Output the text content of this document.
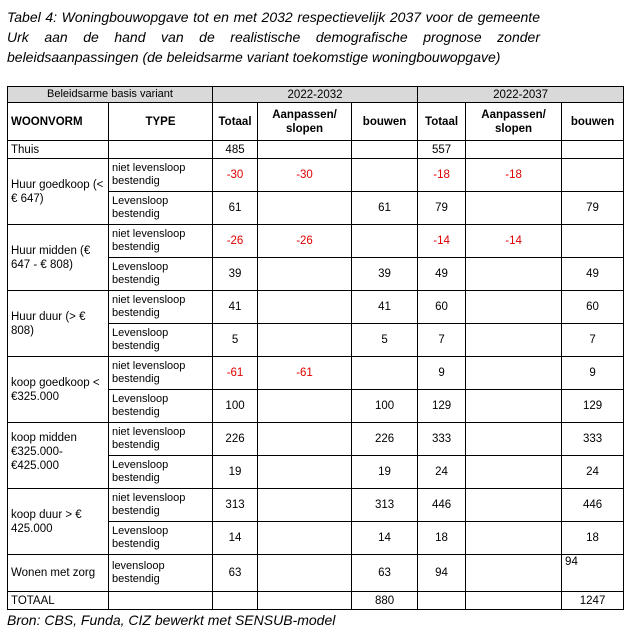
Tabel 4: Woningbouwopgave tot en met 2032 respectievelijk 2037 voor de gemeente Urk aan de hand van de realistische demografische prognose zonder beleidsaanpassingen (de beleidsarme variant toekomstige woningbouwopgave)
Beleidsarme basis variant		2022-2032			2022-2037		
WOONVORM	TYPE	Totaal	Aanpassen/ slopen	bouwen	Totaal	Aanpassen/ slopen	bouwen
Thuis		485			557		
Huur goedkoop (< € 647)	niet levensloop bestendig	-30	-30		-18	-18	
	Levensloop bestendig	61		61	79		79
Huur midden (€ 647 - € 808)	niet levensloop bestendig	-26	-26		-14	-14	
	Levensloop bestendig	39		39	49		49
Huur duur (> € 808)	niet levensloop bestendig	41		41	60		60
	Levensloop bestendig	5		5	7		7
koop goedkoop < €325.000	niet levensloop bestendig	-61	-61		9		9
	Levensloop bestendig	100		100	129		129
koop midden €325.000- €425.000	niet levensloop bestendig	226		226	333		333
	Levensloop bestendig	19		19	24		24
koop duur > € 425.000	niet levensloop bestendig	313		313	446		446
	Levensloop bestendig	14		14	18		18
Wonen met zorg	levensloop bestendig	63		63	94		94
TOTAAL				880			1247
Bron: CBS, Funda, CIZ bewerkt met SENSUB-model
